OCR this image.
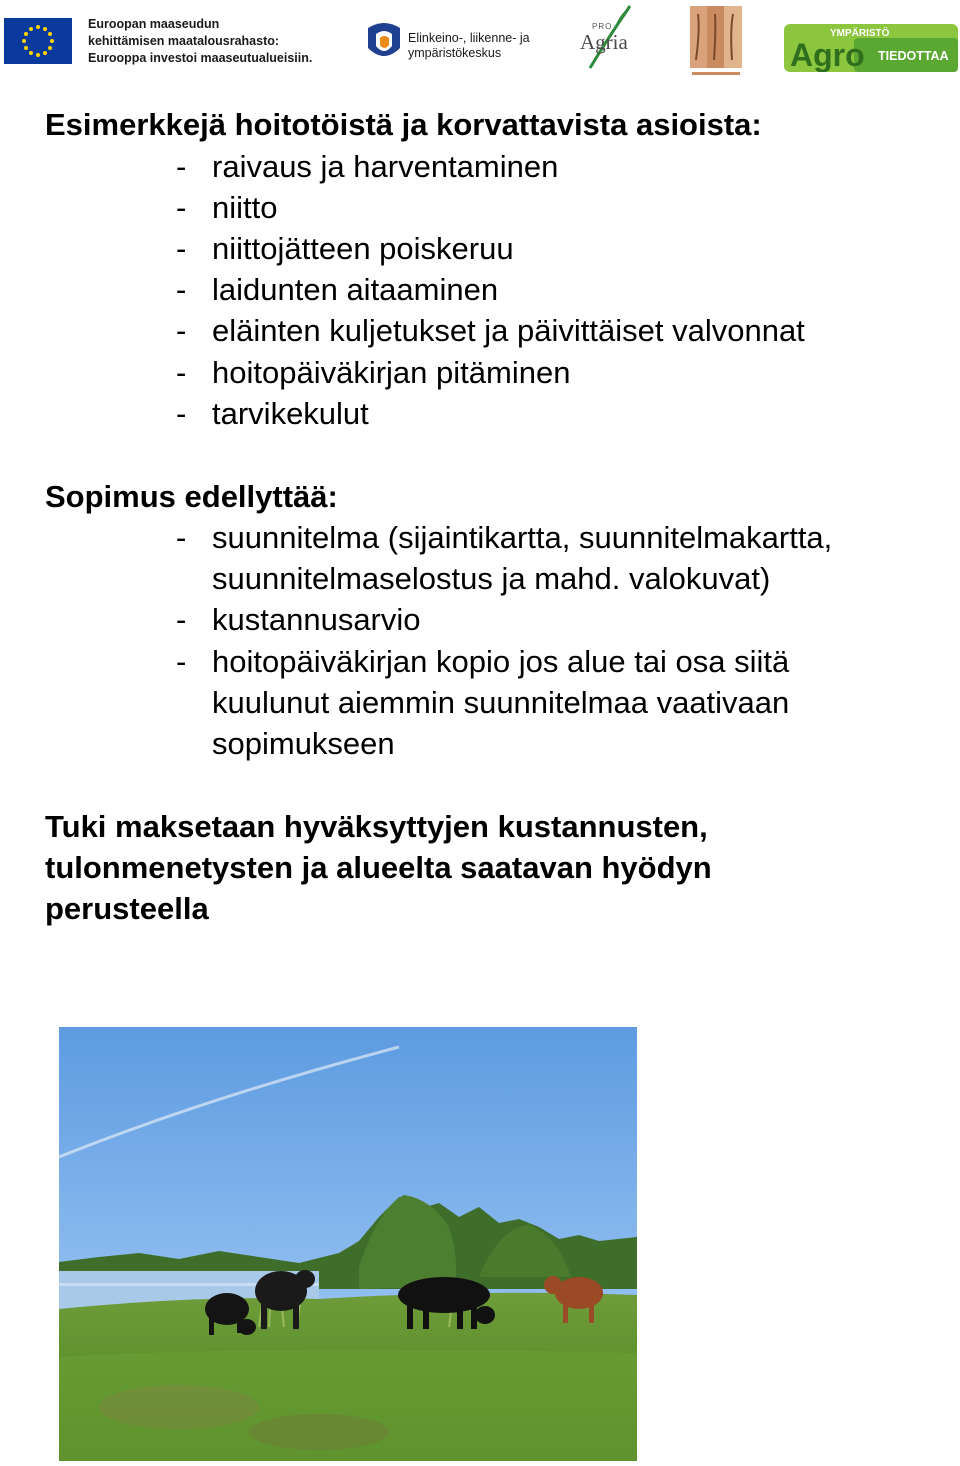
Euroopan maaseudun
kehittämisen maatalousrahasto:
Eurooppa investoi maaseutualueisiin.
Elinkeino-, liikenne- ja
ympäristökeskus
PRO
Agria	YMPÄRISTÖ
Agro TIEDOTTAA
Esimerkkejä hoitotöistä ja korvattavista asioista:
- raivaus ja harventaminen
- niitto
- niittojätteen poiskeruu
- laidunten aitaaminen
- eläinten kuljetukset ja päivittäiset valvonnat
- hoitopäiväkirjan pitäminen
- tarvikekulut
Sopimus edellyttää:
- suunnitelma (sijaintikartta, suunnitelmakartta,
suunnitelmaselostus ja mahd. valokuvat)
- kustannusarvio
- hoitopäiväkirjan kopio jos alue tai osa siitä
kuulunut aiemmin suunnitelmaa vaativaan
sopimukseen
Tuki maksetaan hyväksyttyjen kustannusten,
tulonmenetysten ja alueelta saatavan hyödyn
perusteella
